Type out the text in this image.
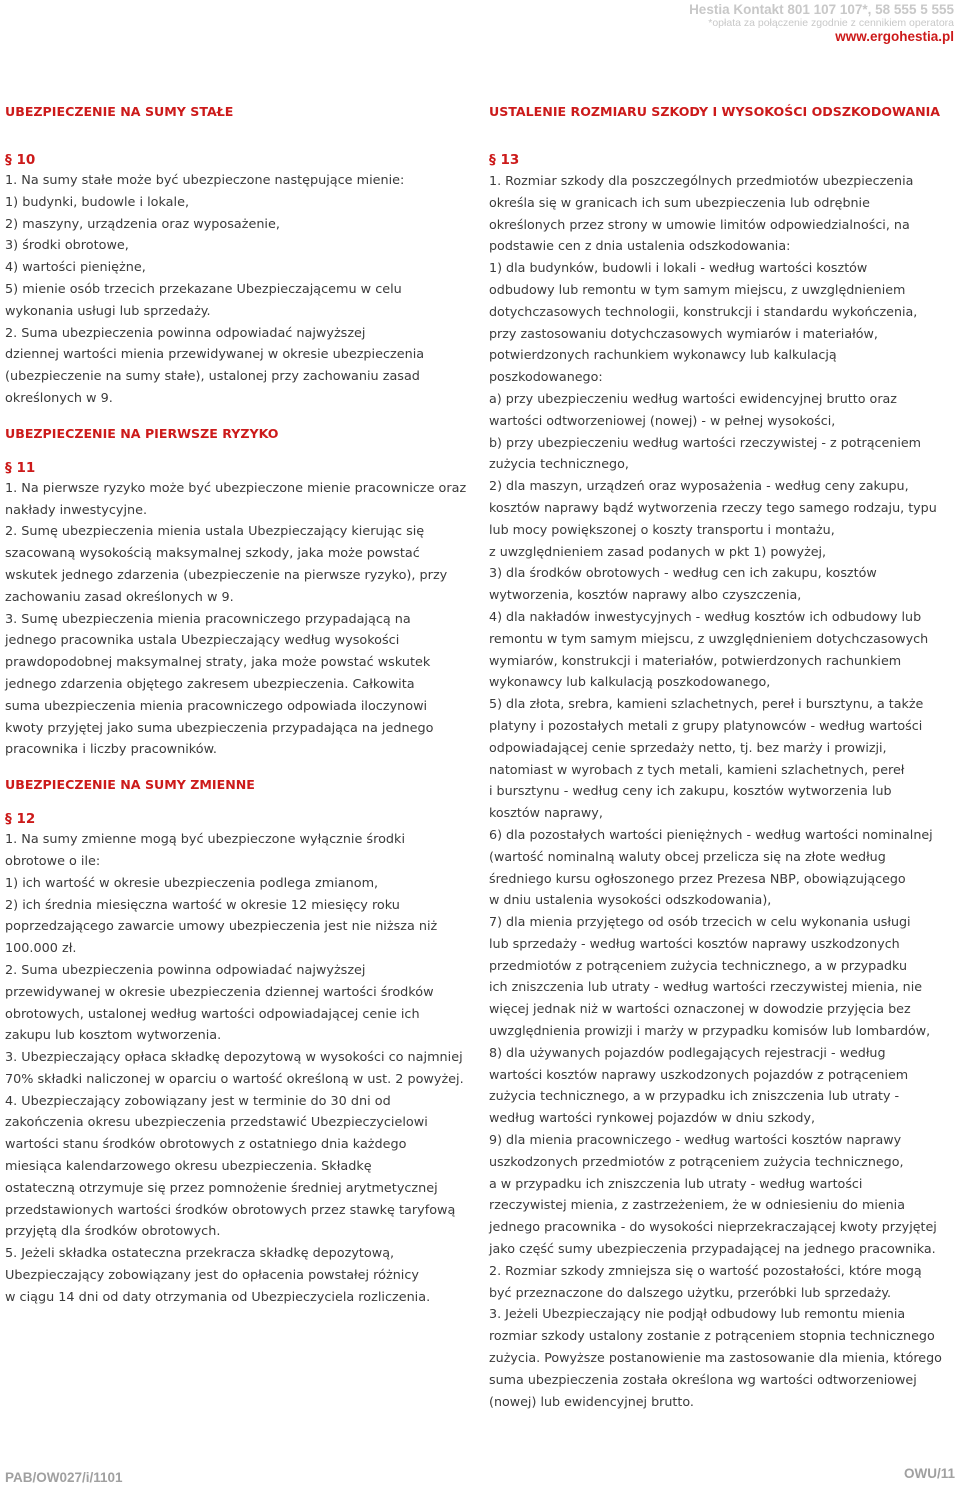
Hestia Kontakt 801 107 107*, 58 555 5 555
*opłata za połączenie zgodnie z cennikiem operatora
www.ergohestia.pl
UBEZPIECZENIE NA SUMY STAŁE
§ 10
1. Na sumy stałe może być ubezpieczone następujące mienie:
1) budynki, budowle i lokale,
2) maszyny, urządzenia oraz wyposażenie,
3) środki obrotowe,
4) wartości pieniężne,
5) mienie osób trzecich przekazane Ubezpieczającemu w celu
wykonania usługi lub sprzedaży.
2. Suma ubezpieczenia powinna odpowiadać najwyższej
dziennej wartości mienia przewidywanej w okresie ubezpieczenia
(ubezpieczenie na sumy stałe), ustalonej przy zachowaniu zasad
określonych w 9.
UBEZPIECZENIE NA PIERWSZE RYZYKO
§ 11
1. Na pierwsze ryzyko może być ubezpieczone mienie pracownicze oraz
nakłady inwestycyjne.
2. Sumę ubezpieczenia mienia ustala Ubezpieczający kierując się
szacowaną wysokością maksymalnej szkody, jaka może powstać
wskutek jednego zdarzenia (ubezpieczenie na pierwsze ryzyko), przy
zachowaniu zasad określonych w 9.
3. Sumę ubezpieczenia mienia pracowniczego przypadającą na
jednego pracownika ustala Ubezpieczający według wysokości
prawdopodobnej maksymalnej straty, jaka może powstać wskutek
jednego zdarzenia objętego zakresem ubezpieczenia. Całkowita
suma ubezpieczenia mienia pracowniczego odpowiada iloczynowi
kwoty przyjętej jako suma ubezpieczenia przypadająca na jednego
pracownika i liczby pracowników.
UBEZPIECZENIE NA SUMY ZMIENNE
§ 12
1. Na sumy zmienne mogą być ubezpieczone wyłącznie środki
obrotowe o ile:
1) ich wartość w okresie ubezpieczenia podlega zmianom,
2) ich średnia miesięczna wartość w okresie 12 miesięcy roku
poprzedzającego zawarcie umowy ubezpieczenia jest nie niższa niż
100.000 zł.
2. Suma ubezpieczenia powinna odpowiadać najwyższej
przewidywanej w okresie ubezpieczenia dziennej wartości środków
obrotowych, ustalonej według wartości odpowiadającej cenie ich
zakupu lub kosztom wytworzenia.
3. Ubezpieczający opłaca składkę depozytową w wysokości co najmniej
70% składki naliczonej w oparciu o wartość określoną w ust. 2 powyżej.
4. Ubezpieczający zobowiązany jest w terminie do 30 dni od
zakończenia okresu ubezpieczenia przedstawić Ubezpieczycielowi
wartości stanu środków obrotowych z ostatniego dnia każdego
miesiąca kalendarzowego okresu ubezpieczenia. Składkę
ostateczną otrzymuje się przez pomnożenie średniej arytmetycznej
przedstawionych wartości środków obrotowych przez stawkę taryfową
przyjętą dla środków obrotowych.
5. Jeżeli składka ostateczna przekracza składkę depozytową,
Ubezpieczający zobowiązany jest do opłacenia powstałej różnicy
w ciągu 14 dni od daty otrzymania od Ubezpieczyciela rozliczenia.
USTALENIE ROZMIARU SZKODY I WYSOKOŚCI ODSZKODOWANIA
§ 13
1. Rozmiar szkody dla poszczególnych przedmiotów ubezpieczenia
określa się w granicach ich sum ubezpieczenia lub odrębnie
określonych przez strony w umowie limitów odpowiedzialności, na
podstawie cen z dnia ustalenia odszkodowania:
1) dla budynków, budowli i lokali - według wartości kosztów
odbudowy lub remontu w tym samym miejscu, z uwzględnieniem
dotychczasowych technologii, konstrukcji i standardu wykończenia,
przy zastosowaniu dotychczasowych wymiarów i materiałów,
potwierdzonych rachunkiem wykonawcy lub kalkulacją
poszkodowanego:
a) przy ubezpieczeniu według wartości ewidencyjnej brutto oraz
wartości odtworzeniowej (nowej) - w pełnej wysokości,
b) przy ubezpieczeniu według wartości rzeczywistej - z potrąceniem
zużycia technicznego,
2) dla maszyn, urządzeń oraz wyposażenia - według ceny zakupu,
kosztów naprawy bądź wytworzenia rzeczy tego samego rodzaju, typu
lub mocy powiększonej o koszty transportu i montażu,
z uwzględnieniem zasad podanych w pkt 1) powyżej,
3) dla środków obrotowych - według cen ich zakupu, kosztów
wytworzenia, kosztów naprawy albo czyszczenia,
4) dla nakładów inwestycyjnych - według kosztów ich odbudowy lub
remontu w tym samym miejscu, z uwzględnieniem dotychczasowych
wymiarów, konstrukcji i materiałów, potwierdzonych rachunkiem
wykonawcy lub kalkulacją poszkodowanego,
5) dla złota, srebra, kamieni szlachetnych, pereł i bursztynu, a także
platyny i pozostałych metali z grupy platynowców - według wartości
odpowiadającej cenie sprzedaży netto, tj. bez marży i prowizji,
natomiast w wyrobach z tych metali, kamieni szlachetnych, pereł
i bursztynu - według ceny ich zakupu, kosztów wytworzenia lub
kosztów naprawy,
6) dla pozostałych wartości pieniężnych - według wartości nominalnej
(wartość nominalną waluty obcej przelicza się na złote według
średniego kursu ogłoszonego przez Prezesa NBP, obowiązującego
w dniu ustalenia wysokości odszkodowania),
7) dla mienia przyjętego od osób trzecich w celu wykonania usługi
lub sprzedaży - według wartości kosztów naprawy uszkodzonych
przedmiotów z potrąceniem zużycia technicznego, a w przypadku
ich zniszczenia lub utraty - według wartości rzeczywistej mienia, nie
więcej jednak niż w wartości oznaczonej w dowodzie przyjęcia bez
uwzględnienia prowizji i marży w przypadku komisów lub lombardów,
8) dla używanych pojazdów podlegających rejestracji - według
wartości kosztów naprawy uszkodzonych pojazdów z potrąceniem
zużycia technicznego, a w przypadku ich zniszczenia lub utraty -
według wartości rynkowej pojazdów w dniu szkody,
9) dla mienia pracowniczego - według wartości kosztów naprawy
uszkodzonych przedmiotów z potrąceniem zużycia technicznego,
a w przypadku ich zniszczenia lub utraty - według wartości
rzeczywistej mienia, z zastrzeżeniem, że w odniesieniu do mienia
jednego pracownika - do wysokości nieprzekraczającej kwoty przyjętej
jako część sumy ubezpieczenia przypadającej na jednego pracownika.
2. Rozmiar szkody zmniejsza się o wartość pozostałości, które mogą
być przeznaczone do dalszego użytku, przeróbki lub sprzedaży.
3. Jeżeli Ubezpieczający nie podjął odbudowy lub remontu mienia
rozmiar szkody ustalony zostanie z potrąceniem stopnia technicznego
zużycia. Powyższe postanowienie ma zastosowanie dla mienia, którego
suma ubezpieczenia została określona wg wartości odtworzeniowej
(nowej) lub ewidencyjnej brutto.
PAB/OW027/i/1101	OWU/11
